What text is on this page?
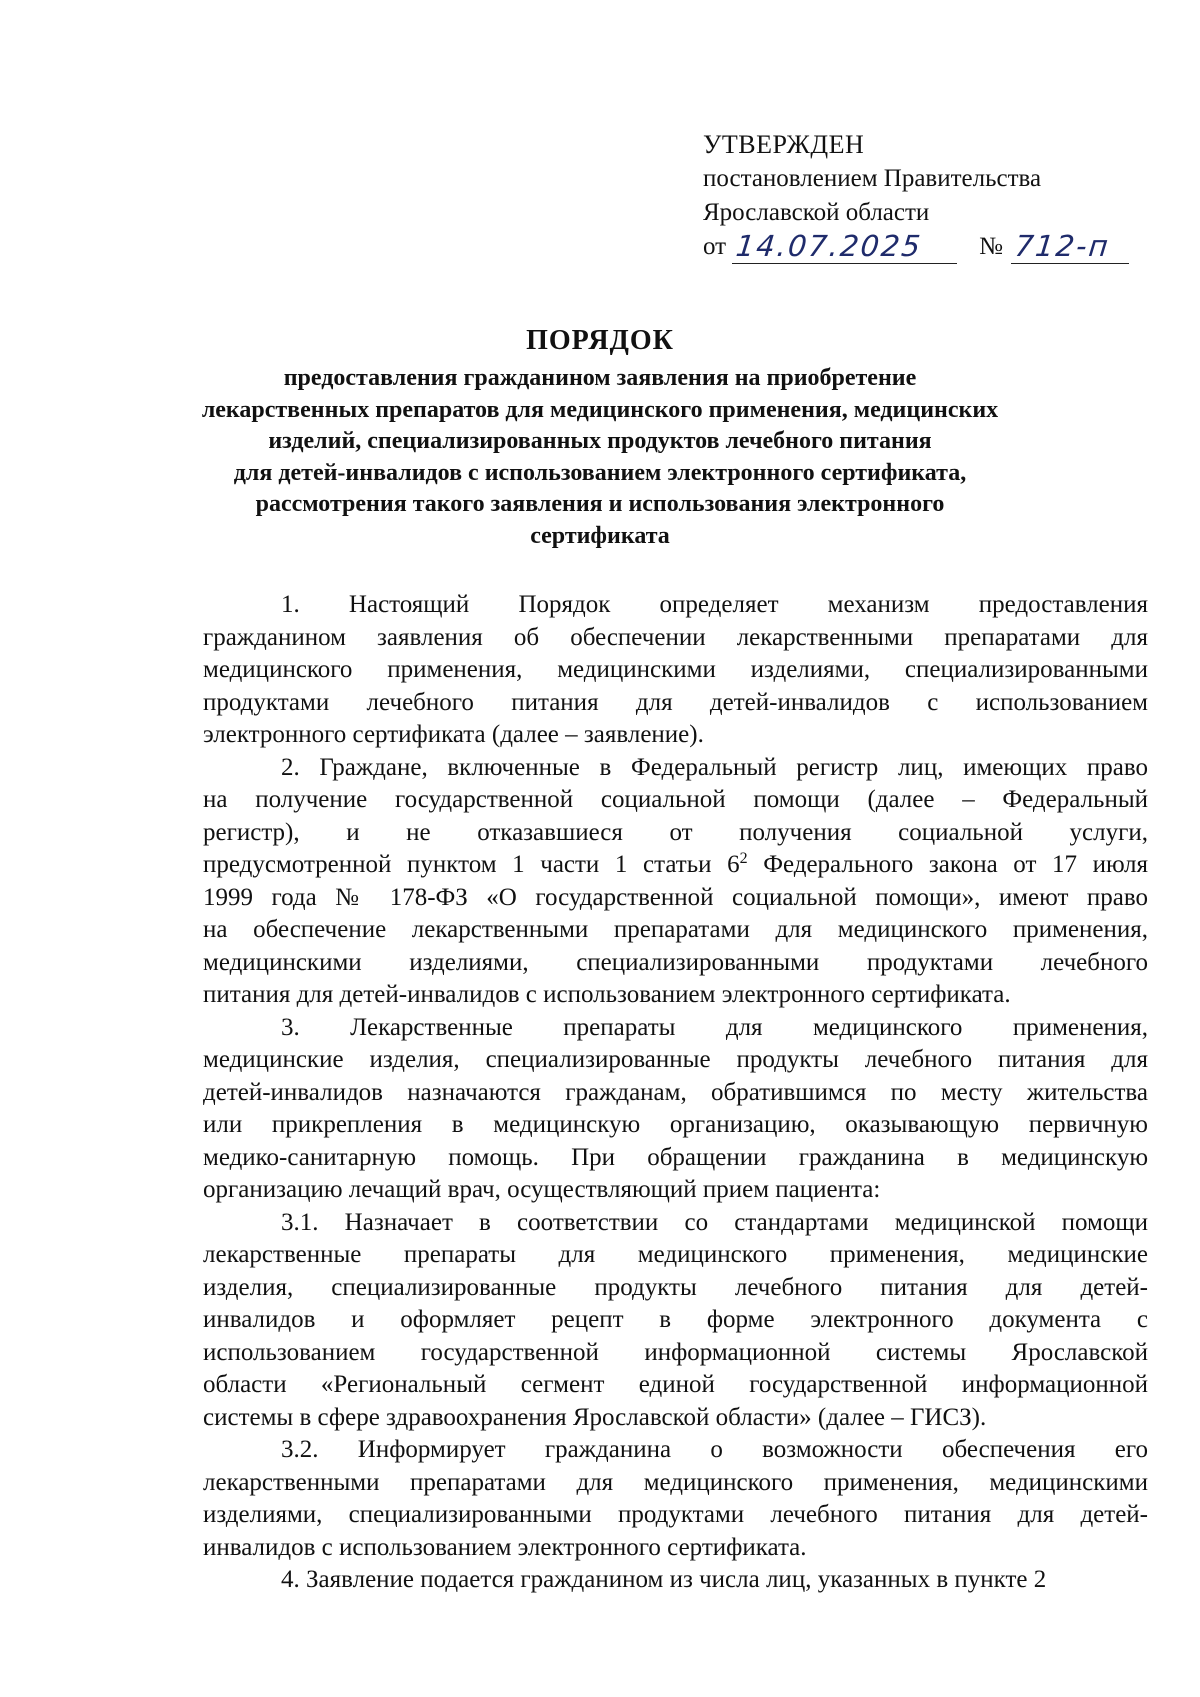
УТВЕРЖДЕН
постановлением Правительства
Ярославской области
от 14.07.2025 № 712-п
ПОРЯДОК
предоставления гражданином заявления на приобретение
лекарственных препаратов для медицинского применения, медицинских
изделий, специализированных продуктов лечебного питания
для детей-инвалидов с использованием электронного сертификата,
рассмотрения такого заявления и использования электронного
сертификата
1. Настоящий Порядок определяет механизм предоставления
гражданином заявления об обеспечении лекарственными препаратами для
медицинского применения, медицинскими изделиями, специализированными
продуктами лечебного питания для детей-инвалидов с использованием
электронного сертификата (далее – заявление).
2. Граждане, включенные в Федеральный регистр лиц, имеющих право
на получение государственной социальной помощи (далее – Федеральный
регистр), и не отказавшиеся от получения социальной услуги,
предусмотренной пунктом 1 части 1 статьи $6^2$ Федерального закона от 17 июля
1999 года № 178-ФЗ «О государственной социальной помощи», имеют право
на обеспечение лекарственными препаратами для медицинского применения,
медицинскими изделиями, специализированными продуктами лечебного
питания для детей-инвалидов с использованием электронного сертификата.
3. Лекарственные препараты для медицинского применения,
медицинские изделия, специализированные продукты лечебного питания для
детей-инвалидов назначаются гражданам, обратившимся по месту жительства
или прикрепления в медицинскую организацию, оказывающую первичную
медико-санитарную помощь. При обращении гражданина в медицинскую
организацию лечащий врач, осуществляющий прием пациента:
3.1. Назначает в соответствии со стандартами медицинской помощи
лекарственные препараты для медицинского применения, медицинские
изделия, специализированные продукты лечебного питания для детей-
инвалидов и оформляет рецепт в форме электронного документа с
использованием государственной информационной системы Ярославской
области «Региональный сегмент единой государственной информационной
системы в сфере здравоохранения Ярославской области» (далее – ГИСЗ).
3.2. Информирует гражданина о возможности обеспечения его
лекарственными препаратами для медицинского применения, медицинскими
изделиями, специализированными продуктами лечебного питания для детей-
инвалидов с использованием электронного сертификата.
4. Заявление подается гражданином из числа лиц, указанных в пункте 2
